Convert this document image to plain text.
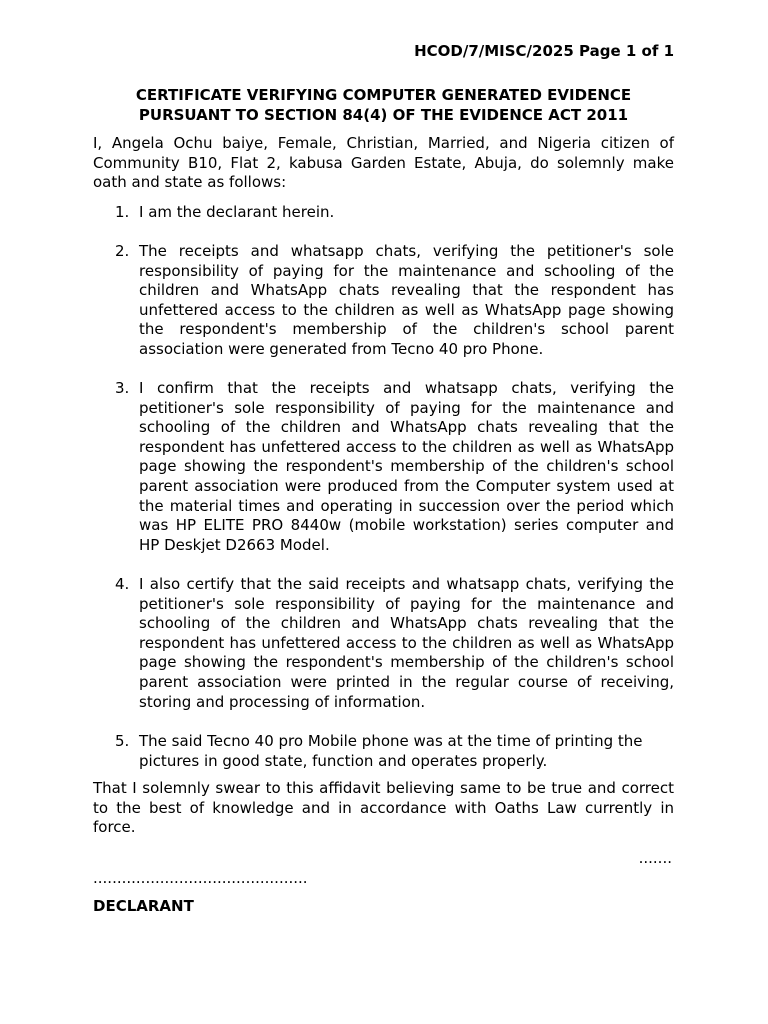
HCOD/7/MISC/2025 Page 1 of 1
CERTIFICATE VERIFYING COMPUTER GENERATED EVIDENCE
PURSUANT TO SECTION 84(4) OF THE EVIDENCE ACT 2011
I, Angela Ochu baiye, Female, Christian, Married, and Nigeria citizen of Community B10, Flat 2, kabusa Garden Estate, Abuja, do solemnly make oath and state as follows:
1. I am the declarant herein.
2. The receipts and whatsapp chats, verifying the petitioner's sole responsibility of paying for the maintenance and schooling of the children and WhatsApp chats revealing that the respondent has unfettered access to the children as well as WhatsApp page showing the respondent's membership of the children's school parent association were generated from Tecno 40 pro Phone.
3. I confirm that the receipts and whatsapp chats, verifying the petitioner's sole responsibility of paying for the maintenance and schooling of the children and WhatsApp chats revealing that the respondent has unfettered access to the children as well as WhatsApp page showing the respondent's membership of the children's school parent association were produced from the Computer system used at the material times and operating in succession over the period which was HP ELITE PRO 8440w (mobile workstation) series computer and HP Deskjet D2663 Model.
4. I also certify that the said receipts and whatsapp chats, verifying the petitioner's sole responsibility of paying for the maintenance and schooling of the children and WhatsApp chats revealing that the respondent has unfettered access to the children as well as WhatsApp page showing the respondent's membership of the children's school parent association were printed in the regular course of receiving, storing and processing of information.
5. The said Tecno 40 pro Mobile phone was at the time of printing the pictures in good state, function and operates properly.
That I solemnly swear to this affidavit believing same to be true and correct to the best of knowledge and in accordance with Oaths Law currently in force.
.......
.............................................
DECLARANT
